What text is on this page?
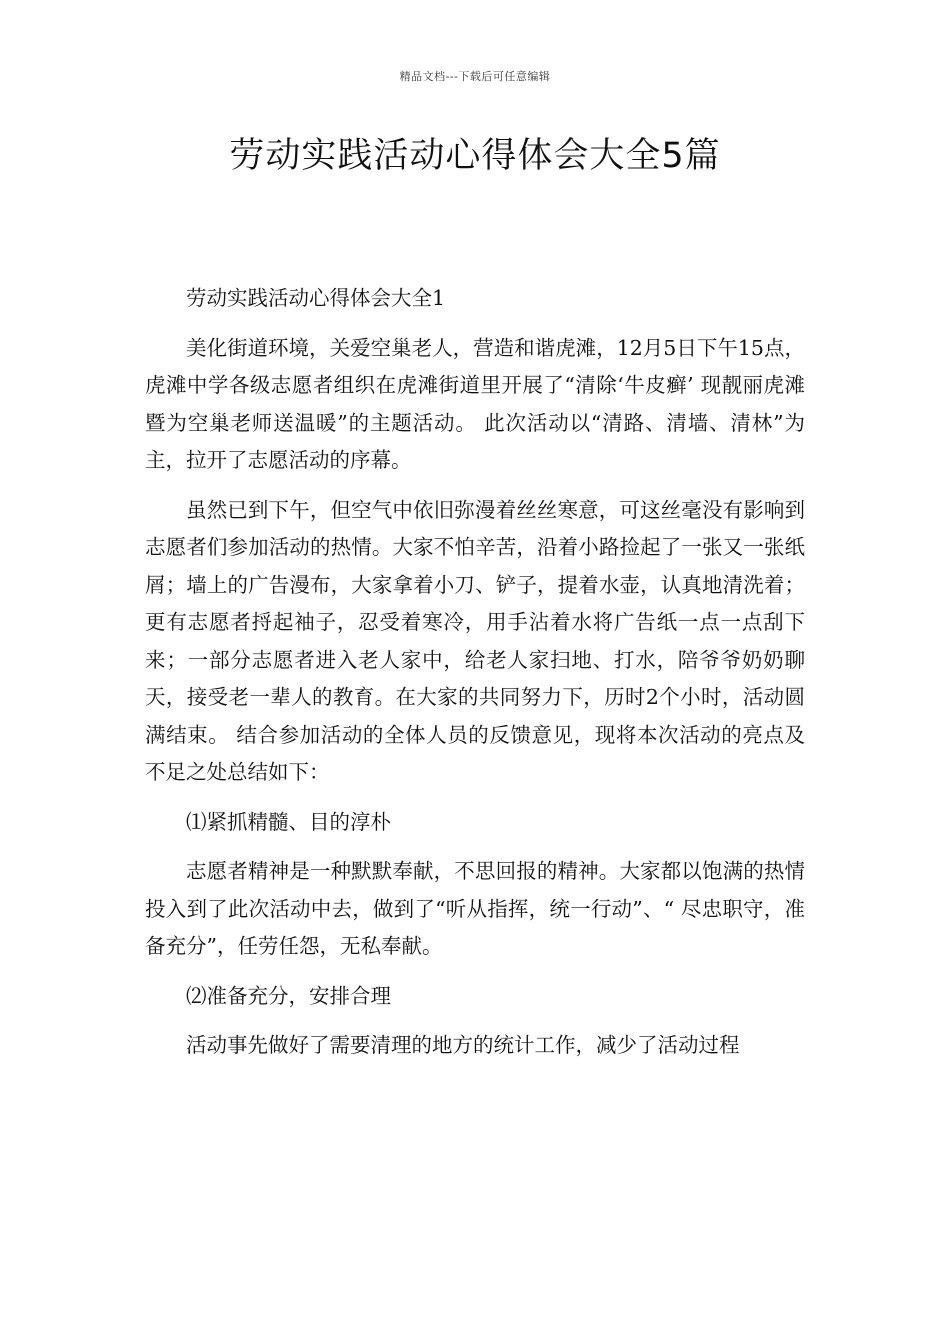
精品文档---下载后可任意编辑
劳动实践活动心得体会大全5篇

劳动实践活动心得体会大全1

美化街道环境，关爱空巢老人，营造和谐虎滩，12月5日下午15点，虎滩中学各级志愿者组织在虎滩街道里开展了“清除‘牛皮癣’ 现靓丽虎滩暨为空巢老师送温暖”的主题活动。 此次活动以“清路、清墙、清林”为主，拉开了志愿活动的序幕。

虽然已到下午，但空气中依旧弥漫着丝丝寒意，可这丝毫没有影响到志愿者们参加活动的热情。大家不怕辛苦，沿着小路捡起了一张又一张纸屑；墙上的广告漫布，大家拿着小刀、铲子，提着水壶，认真地清洗着；更有志愿者捋起袖子，忍受着寒冷，用手沾着水将广告纸一点一点刮下来；一部分志愿者进入老人家中，给老人家扫地、打水，陪爷爷奶奶聊天，接受老一辈人的教育。在大家的共同努力下，历时2个小时，活动圆满结束。 结合参加活动的全体人员的反馈意见，现将本次活动的亮点及不足之处总结如下：

⑴紧抓精髓、目的淳朴

志愿者精神是一种默默奉献，不思回报的精神。大家都以饱满的热情投入到了此次活动中去，做到了“听从指挥，统一行动”、“ 尽忠职守，准备充分”，任劳任怨，无私奉献。

⑵准备充分，安排合理

活动事先做好了需要清理的地方的统计工作，减少了活动过程
